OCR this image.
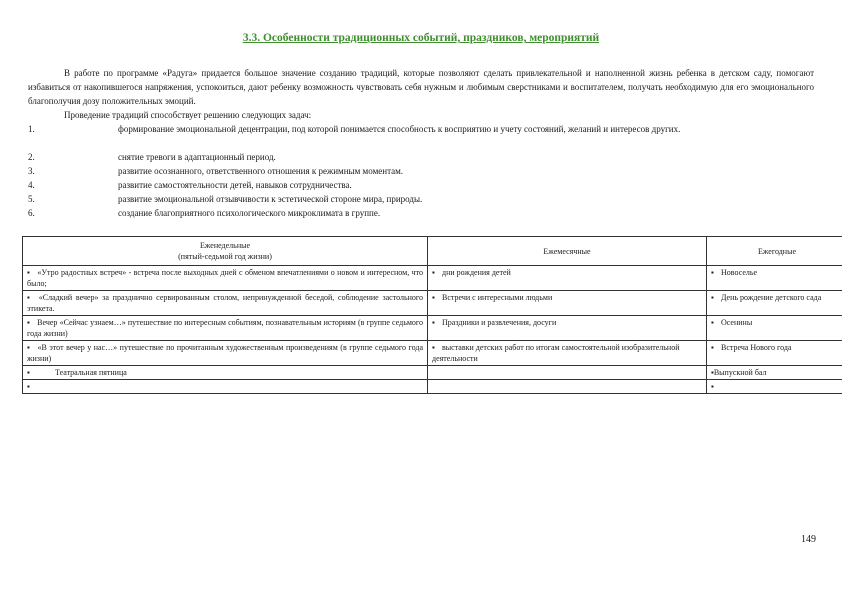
3.3. Особенности традиционных событий, праздников, мероприятий

В работе по программе «Радуга» придается большое значение созданию традиций, которые позволяют сделать привлекательной и наполненной жизнь ребенка в детском саду, помогают избавиться от накопившегося напряжения, успокоиться, дают ребенку возможность чувствовать себя нужным и любимым сверстниками и воспитателем, получать необходимую для его эмоционального благополучия дозу положительных эмоций.

Проведение традиций способствует решению следующих задач:

1.	формирование эмоциональной децентрации, под которой понимается способность к восприятию и учету состояний, желаний и интересов других.
2.	снятие тревоги в адаптационный период.
3.	развитие осознанного, ответственного отношения к режимным моментам.
4.	развитие самостоятельности детей, навыков сотрудничества.
5.	развитие эмоциональной отзывчивости к эстетической стороне мира, природы.
6.	создание благоприятного психологического микроклимата в группе.
Еженедельные
(пятый-седьмой год жизни)	Ежемесячные	Ежегодные
▪ «Утро радостных встреч» - встреча после выходных дней с обменом впечатлениями о новом и интересном, что было;	▪ дни рождения детей	▪ Новоселье
▪ «Сладкий вечер» за празднично сервированным столом, непринужденной беседой, соблюдение застольного этикета.	▪ Встречи с интересными людьми	▪ День рождение детского сада
▪ Вечер «Сейчас узнаем…» путешествие по интересным событиям, познавательным историям (в группе седьмого года жизни)	▪ Праздники и развлечения, досуги	▪ Осенины
▪ «В этот вечер у нас…» путешествие по прочитанным художественным произведениям (в группе седьмого года жизни)	▪ выставки детских работ по итогам самостоятельной изобразительной деятельности	▪ Встреча Нового года
▪ Театральная пятница		▪Выпускной бал
▪		▪
149
